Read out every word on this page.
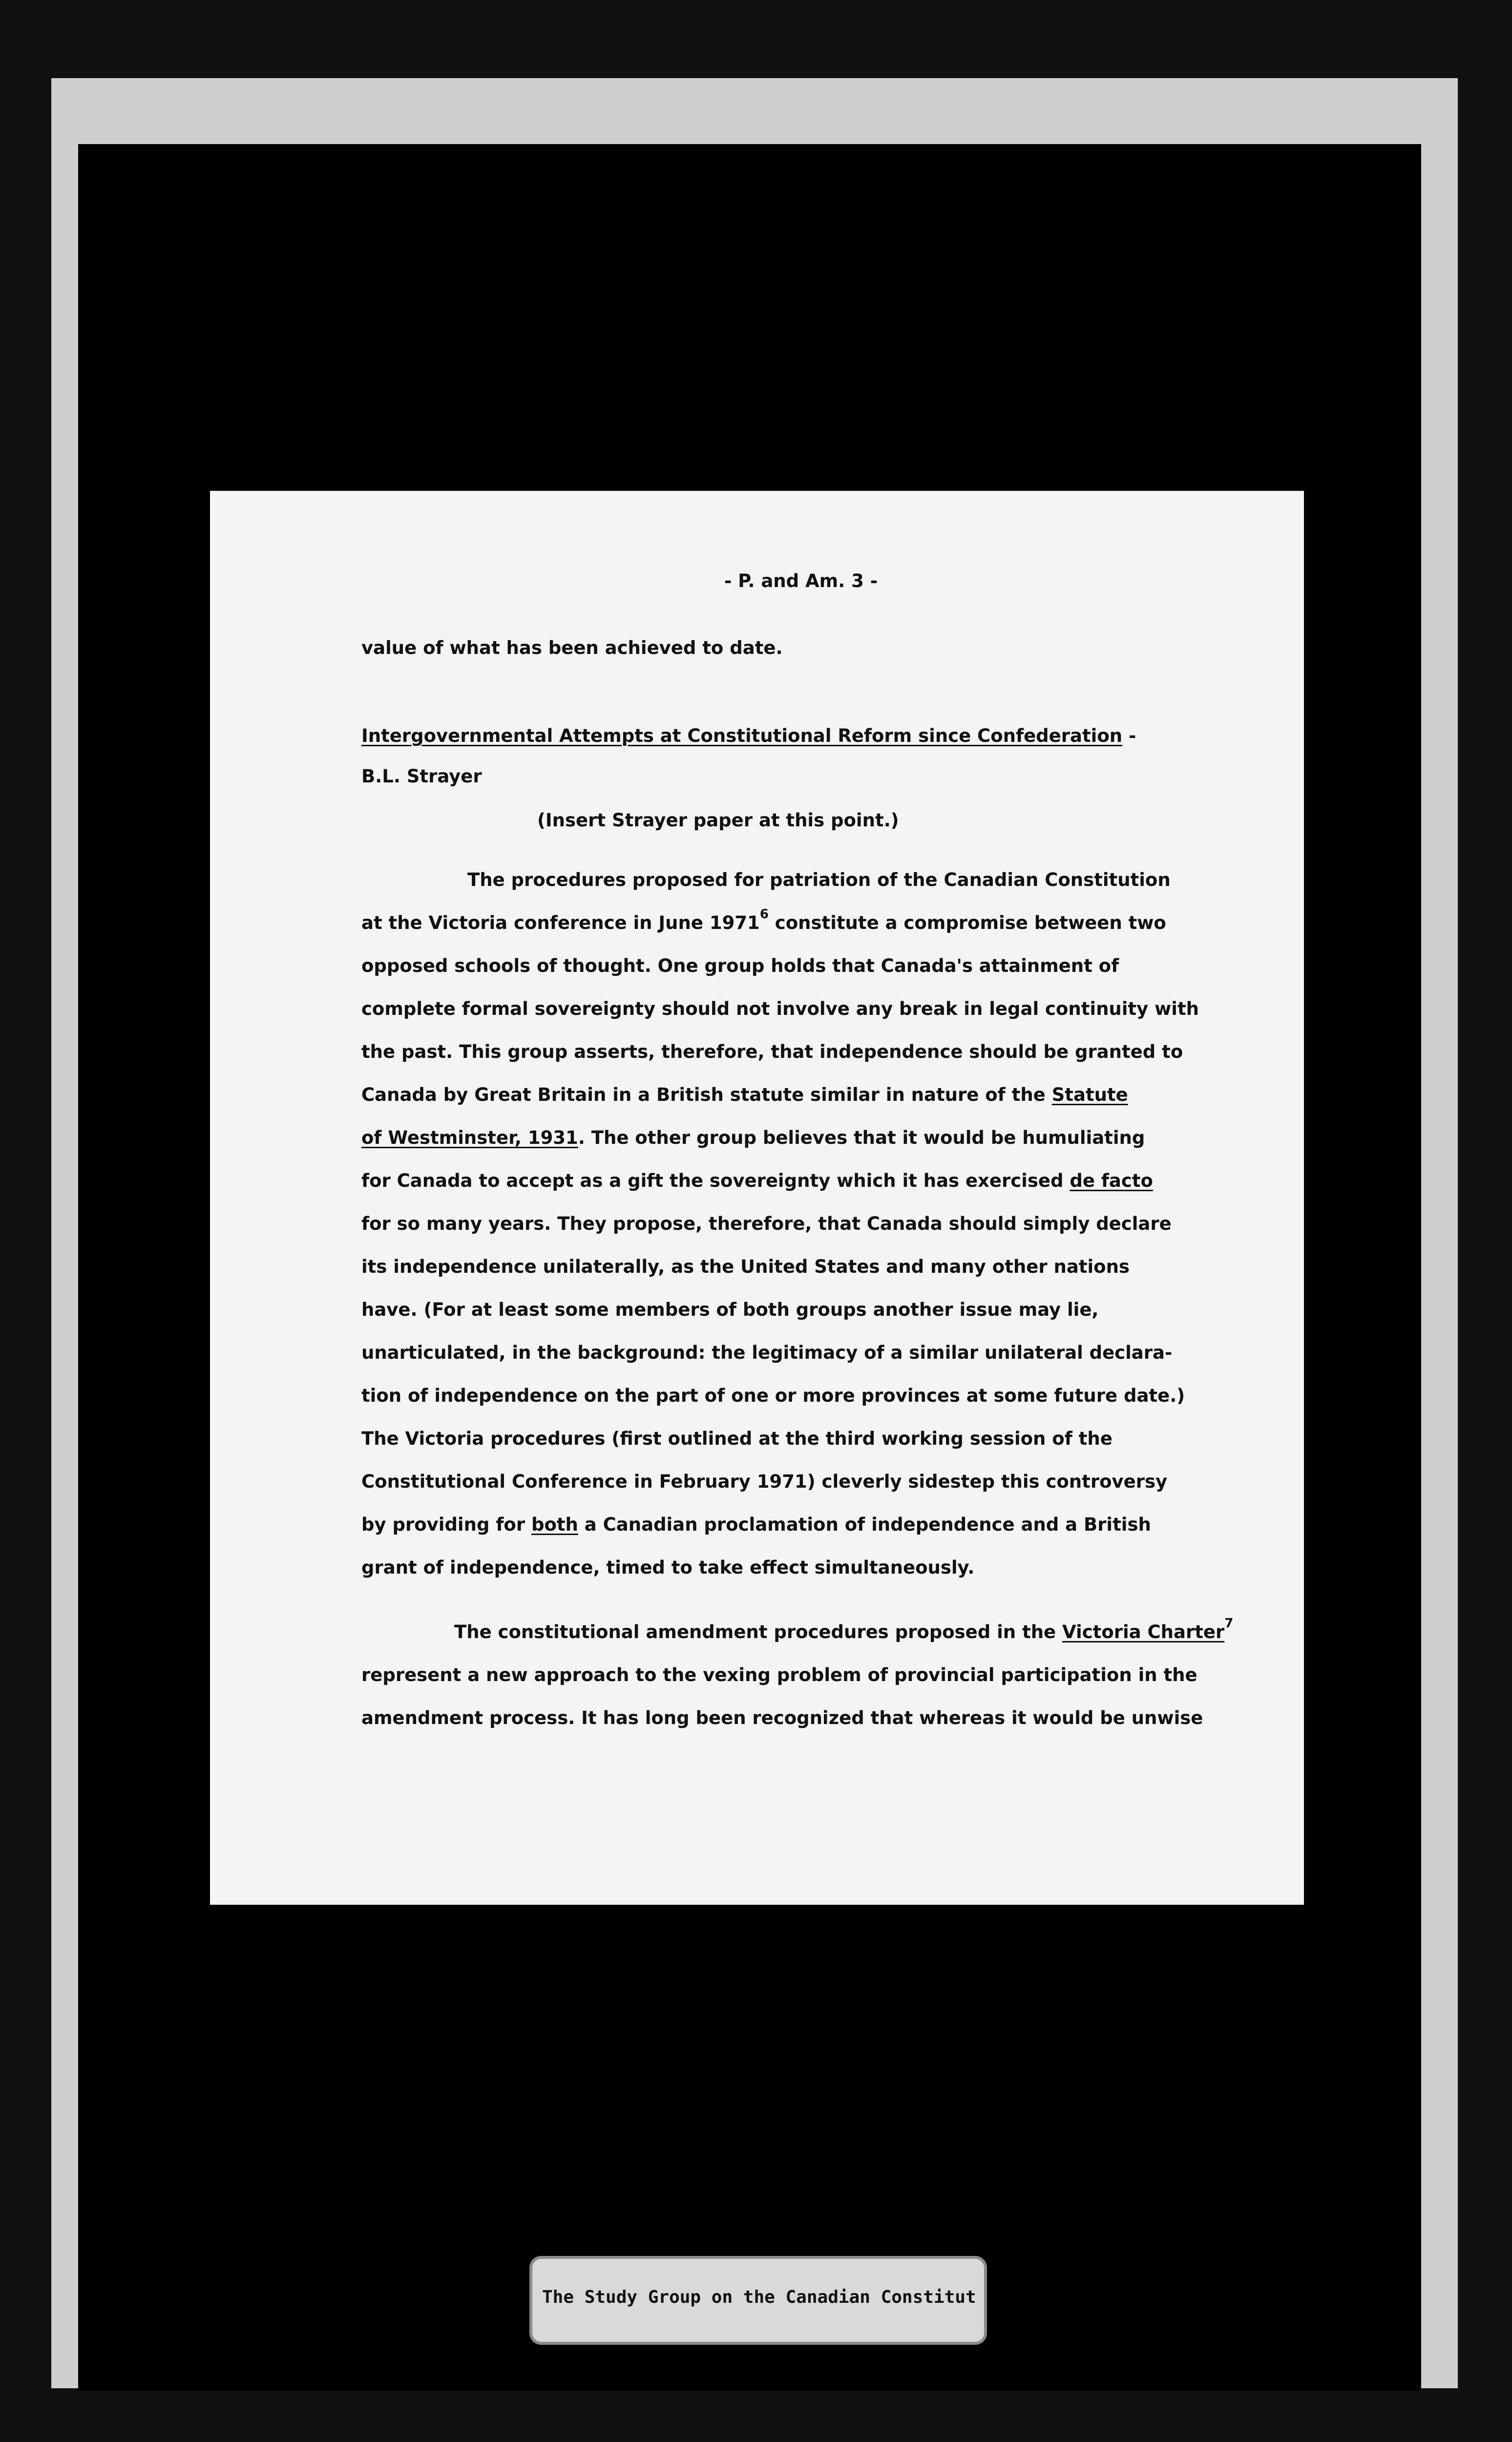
- P. and Am. 3 -
value of what has been achieved to date.
Intergovernmental Attempts at Constitutional Reform since Confederation -
B.L. Strayer
(Insert Strayer paper at this point.)
The procedures proposed for patriation of the Canadian Constitution
at the Victoria conference in June 1971$^6$ constitute a compromise between two
opposed schools of thought. One group holds that Canada's attainment of
complete formal sovereignty should not involve any break in legal continuity with
the past. This group asserts, therefore, that independence should be granted to
Canada by Great Britain in a British statute similar in nature of the Statute
of Westminster, 1931. The other group believes that it would be humuliating
for Canada to accept as a gift the sovereignty which it has exercised de facto
for so many years. They propose, therefore, that Canada should simply declare
its independence unilaterally, as the United States and many other nations
have. (For at least some members of both groups another issue may lie,
unarticulated, in the background: the legitimacy of a similar unilateral declara-
tion of independence on the part of one or more provinces at some future date.)
The Victoria procedures (first outlined at the third working session of the
Constitutional Conference in February 1971) cleverly sidestep this controversy
by providing for both a Canadian proclamation of independence and a British
grant of independence, timed to take effect simultaneously.
The constitutional amendment procedures proposed in the Victoria Charter$^7$
represent a new approach to the vexing problem of provincial participation in the
amendment process. It has long been recognized that whereas it would be unwise
The Study Group on the Canadian Constitut
